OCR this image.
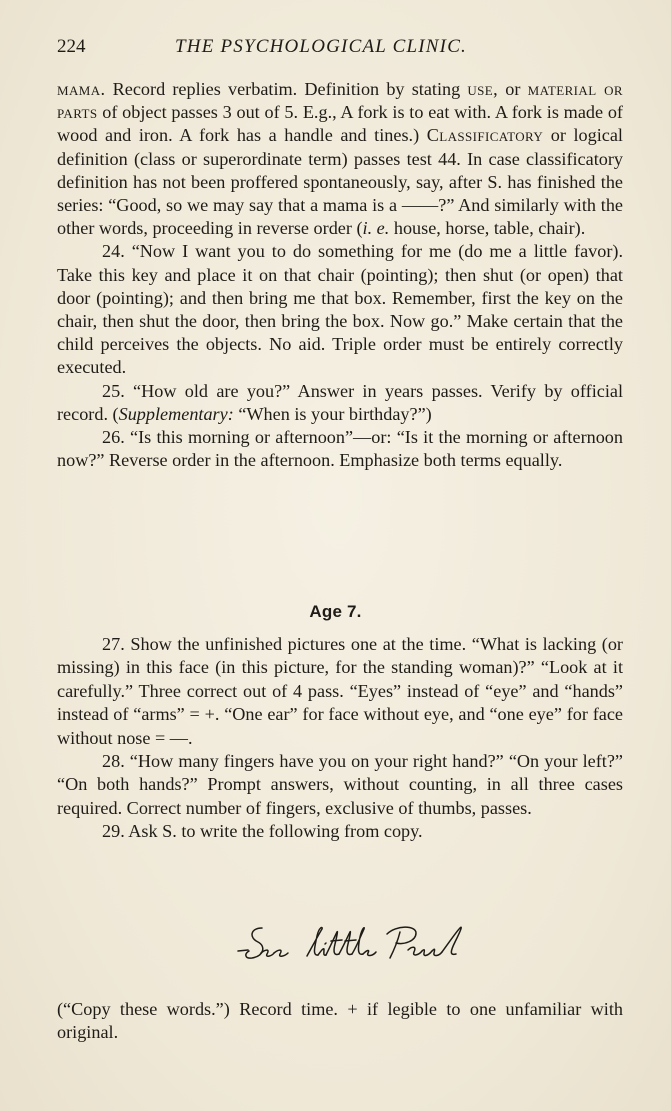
224	THE PSYCHOLOGICAL CLINIC.

mama. Record replies verbatim. Definition by stating use, or material or parts of object passes 3 out of 5. E.g., A fork is to eat with. A fork is made of wood and iron. A fork has a handle and tines.) Classificatory or logical definition (class or superordinate term) passes test 44. In case classificatory definition has not been proffered spontaneously, say, after S. has finished the series: “Good, so we may say that a mama is a ——?” And similarly with the other words, proceeding in reverse order (i. e. house, horse, table, chair).

24. “Now I want you to do something for me (do me a little favor). Take this key and place it on that chair (pointing); then shut (or open) that door (pointing); and then bring me that box. Remember, first the key on the chair, then shut the door, then bring the box. Now go.” Make certain that the child perceives the objects. No aid. Triple order must be entirely correctly executed.

25. “How old are you?” Answer in years passes. Verify by official record. (Supplementary: “When is your birthday?”)

26. “Is this morning or afternoon”—or: “Is it the morning or afternoon now?” Reverse order in the afternoon. Emphasize both terms equally.

Age 7.

27. Show the unfinished pictures one at the time. “What is lacking (or missing) in this face (in this picture, for the standing woman)?” “Look at it carefully.” Three correct out of 4 pass. “Eyes” instead of “eye” and “hands” instead of “arms” = +. “One ear” for face without eye, and “one eye” for face without nose = —.

28. “How many fingers have you on your right hand?” “On your left?” “On both hands?” Prompt answers, without counting, in all three cases required. Correct number of fingers, exclusive of thumbs, passes.

29. Ask S. to write the following from copy.

(“Copy these words.”) Record time. + if legible to one unfamiliar with original.
